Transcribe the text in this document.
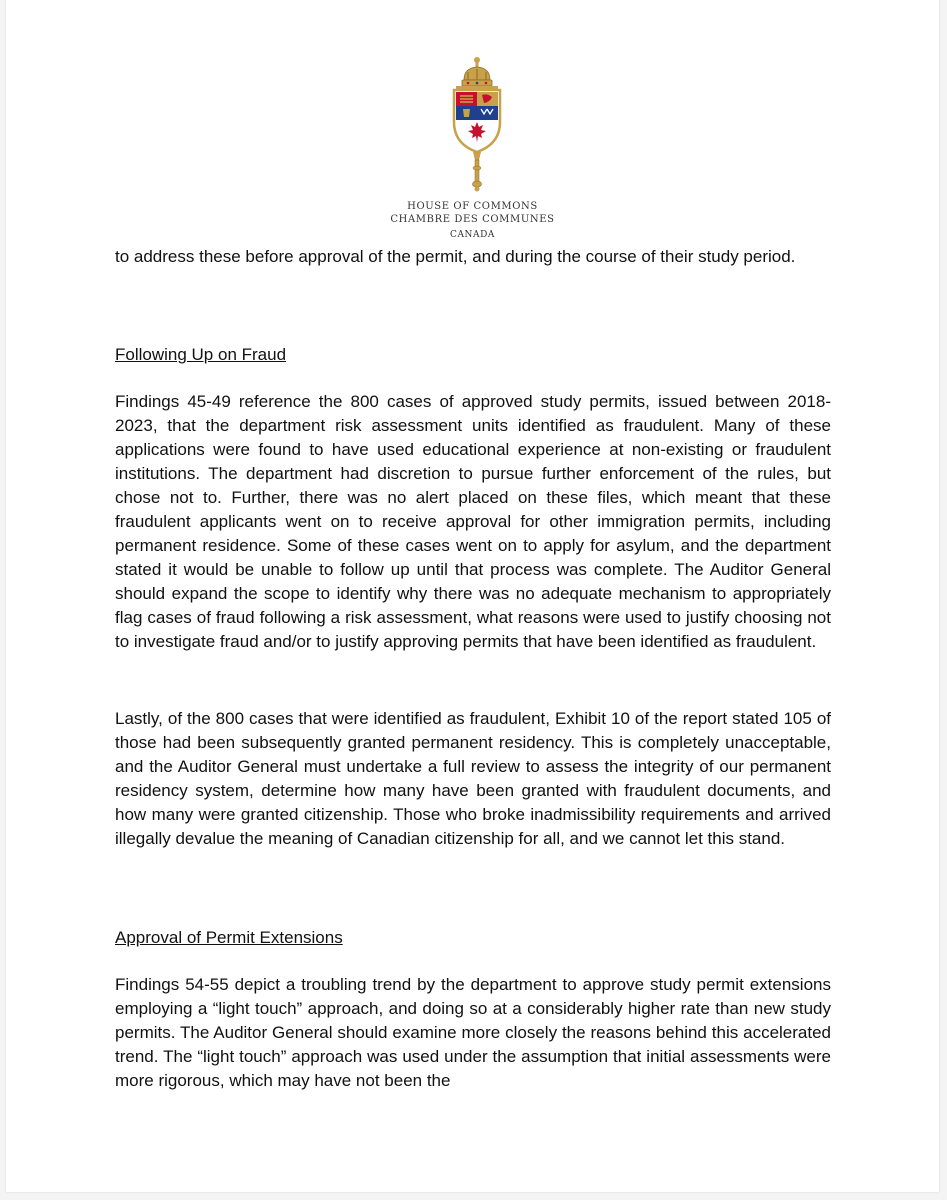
HOUSE OF COMMONS
CHAMBRE DES COMMUNES
CANADA

to address these before approval of the permit, and during the course of their study period.

Following Up on Fraud

Findings 45-49 reference the 800 cases of approved study permits, issued between 2018-2023, that the department risk assessment units identified as fraudulent. Many of these applications were found to have used educational experience at non-existing or fraudulent institutions. The department had discretion to pursue further enforcement of the rules, but chose not to. Further, there was no alert placed on these files, which meant that these fraudulent applicants went on to receive approval for other immigration permits, including permanent residence. Some of these cases went on to apply for asylum, and the department stated it would be unable to follow up until that process was complete. The Auditor General should expand the scope to identify why there was no adequate mechanism to appropriately flag cases of fraud following a risk assessment, what reasons were used to justify choosing not to investigate fraud and/or to justify approving permits that have been identified as fraudulent.

Lastly, of the 800 cases that were identified as fraudulent, Exhibit 10 of the report stated 105 of those had been subsequently granted permanent residency. This is completely unacceptable, and the Auditor General must undertake a full review to assess the integrity of our permanent residency system, determine how many have been granted with fraudulent documents, and how many were granted citizenship. Those who broke inadmissibility requirements and arrived illegally devalue the meaning of Canadian citizenship for all, and we cannot let this stand.

Approval of Permit Extensions

Findings 54-55 depict a troubling trend by the department to approve study permit extensions employing a “light touch” approach, and doing so at a considerably higher rate than new study permits. The Auditor General should examine more closely the reasons behind this accelerated trend. The “light touch” approach was used under the assumption that initial assessments were more rigorous, which may have not been the
